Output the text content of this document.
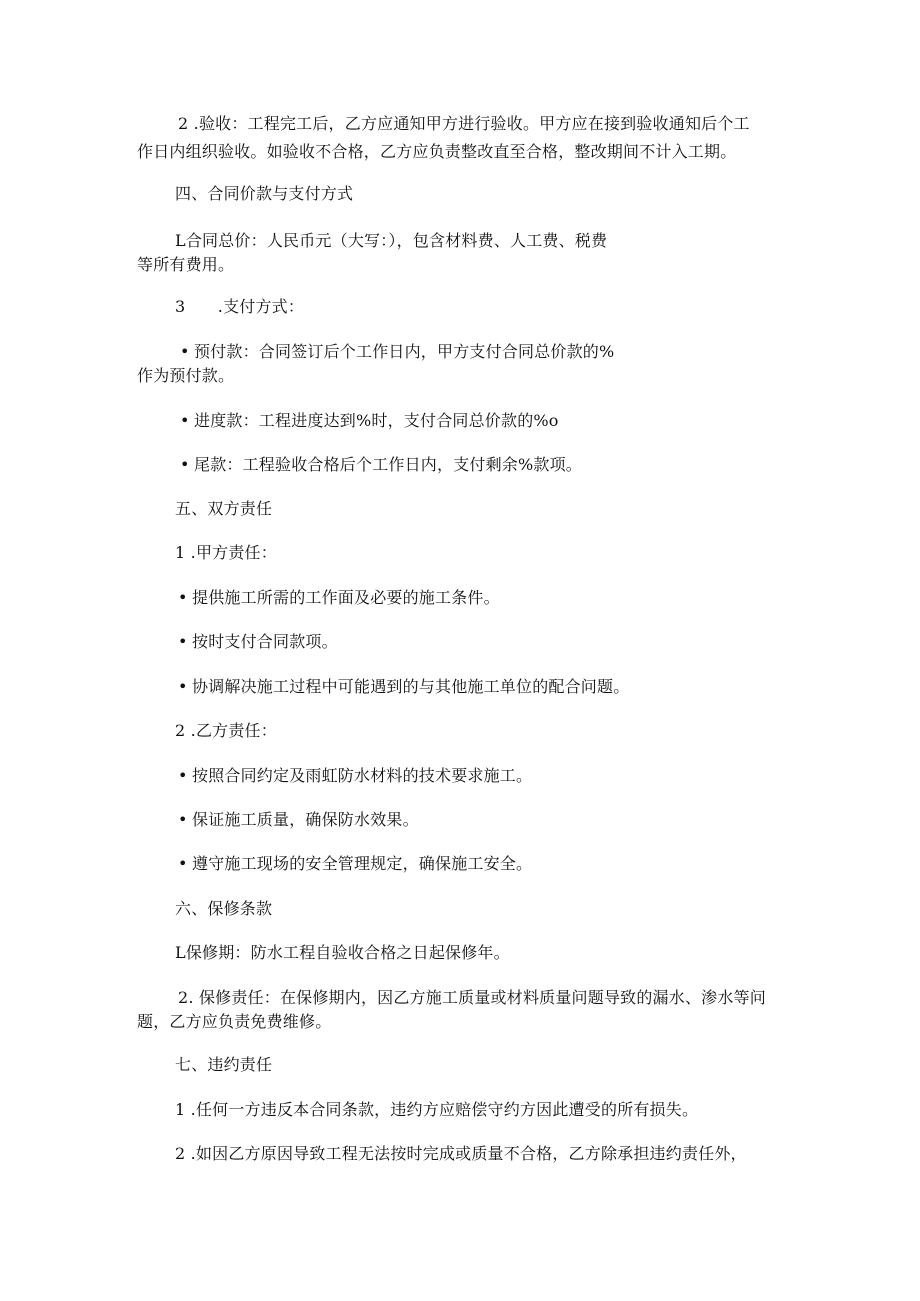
2 .验收：工程完工后，乙方应通知甲方进行验收。甲方应在接到验收通知后个工
作日内组织验收。如验收不合格，乙方应负责整改直至合格，整改期间不计入工期。
四、合同价款与支付方式
L合同总价：人民币元（大写：），包含材料费、人工费、税费
等所有费用。
3　　.支付方式：
• 预付款：合同签订后个工作日内，甲方支付合同总价款的%
作为预付款。
• 进度款：工程进度达到%时，支付合同总价款的%o
• 尾款：工程验收合格后个工作日内，支付剩余%款项。
五、双方责任
1 .甲方责任：
• 提供施工所需的工作面及必要的施工条件。
• 按时支付合同款项。
• 协调解决施工过程中可能遇到的与其他施工单位的配合问题。
2 .乙方责任：
• 按照合同约定及雨虹防水材料的技术要求施工。
• 保证施工质量，确保防水效果。
• 遵守施工现场的安全管理规定，确保施工安全。
六、保修条款
L保修期：防水工程自验收合格之日起保修年。
2. 保修责任：在保修期内，因乙方施工质量或材料质量问题导致的漏水、渗水等问
题，乙方应负责免费维修。
七、违约责任
1 .任何一方违反本合同条款，违约方应赔偿守约方因此遭受的所有损失。
2 .如因乙方原因导致工程无法按时完成或质量不合格，乙方除承担违约责任外，
